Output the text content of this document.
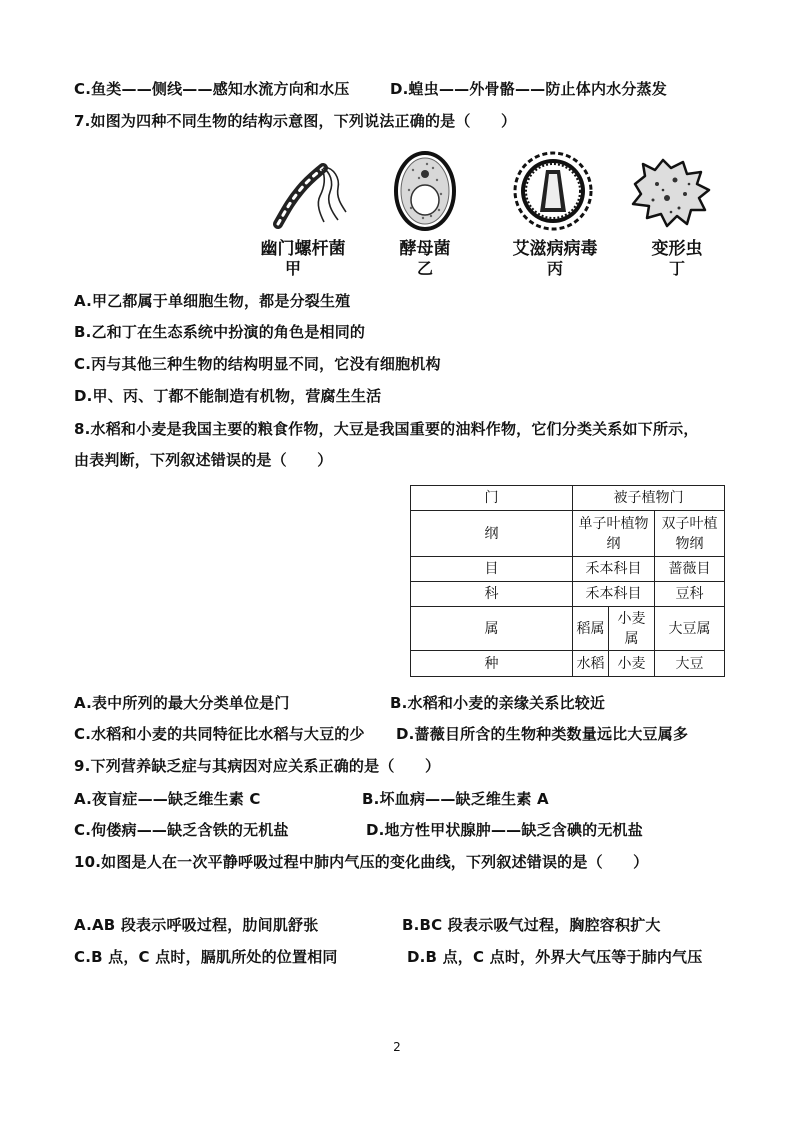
C.鱼类——侧线——感知水流方向和水压	D.蝗虫——外骨骼——防止体内水分蒸发
7.如图为四种不同生物的结构示意图，下列说法正确的是（　　）
幽门螺杆菌	酵母菌	艾滋病病毒	变形虫
甲	乙	丙	丁
A.甲乙都属于单细胞生物，都是分裂生殖
B.乙和丁在生态系统中扮演的角色是相同的
C.丙与其他三种生物的结构明显不同，它没有细胞机构
D.甲、丙、丁都不能制造有机物，营腐生生活
8.水稻和小麦是我国主要的粮食作物，大豆是我国重要的油料作物，它们分类关系如下所示，
由表判断，下列叙述错误的是（　　）
门	被子植物门		
纲	单子叶植物纲		双子叶植物纲
目	禾本科目		蔷薇目
科	禾本科目		豆科
属	稻属	小麦属	大豆属
种	水稻	小麦	大豆
A.表中所列的最大分类单位是门	B.水稻和小麦的亲缘关系比较近
C.水稻和小麦的共同特征比水稻与大豆的少 D.蔷薇目所含的生物种类数量远比大豆属多
9.下列营养缺乏症与其病因对应关系正确的是（　　）
A.夜盲症——缺乏维生素 C	B.坏血病——缺乏维生素 A
C.佝偻病——缺乏含铁的无机盐	D.地方性甲状腺肿——缺乏含碘的无机盐
10.如图是人在一次平静呼吸过程中肺内气压的变化曲线，下列叙述错误的是（　　）
A.AB 段表示呼吸过程，肋间肌舒张	B.BC 段表示吸气过程，胸腔容积扩大
C.B 点，C 点时，膈肌所处的位置相同	D.B 点，C 点时，外界大气压等于肺内气压
2
